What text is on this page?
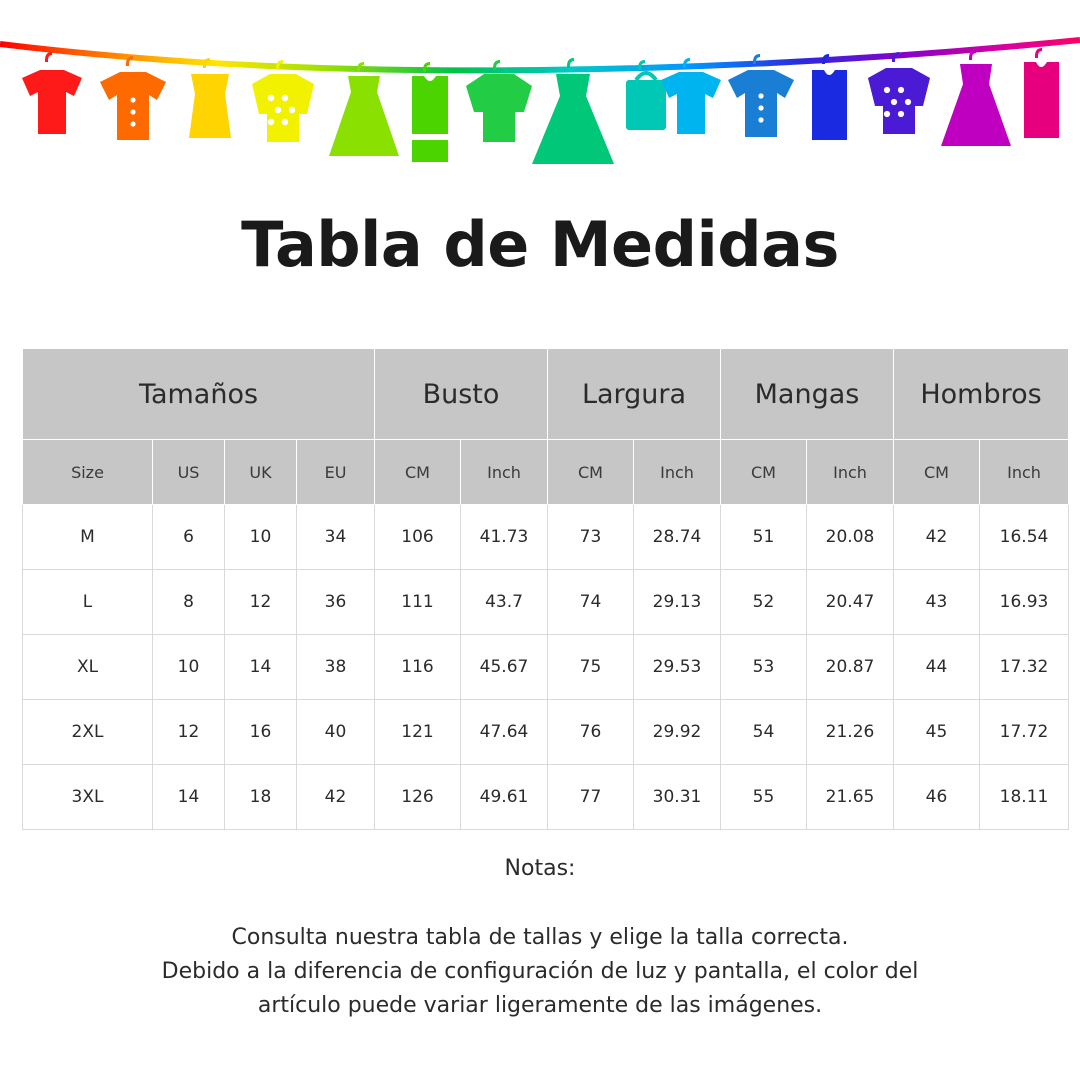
Tabla de Medidas
Tamaños				Busto		Largura		Mangas		Hombros	
Size	US	UK	EU	CM	Inch	CM	Inch	CM	Inch	CM	Inch
M	6	10	34	106	41.73	73	28.74	51	20.08	42	16.54
L	8	12	36	111	43.7	74	29.13	52	20.47	43	16.93
XL	10	14	38	116	45.67	75	29.53	53	20.87	44	17.32
2XL	12	16	40	121	47.64	76	29.92	54	21.26	45	17.72
3XL	14	18	42	126	49.61	77	30.31	55	21.65	46	18.11
Notas:
Consulta nuestra tabla de tallas y elige la talla correcta.
Debido a la diferencia de configuración de luz y pantalla, el color del
artículo puede variar ligeramente de las imágenes.
